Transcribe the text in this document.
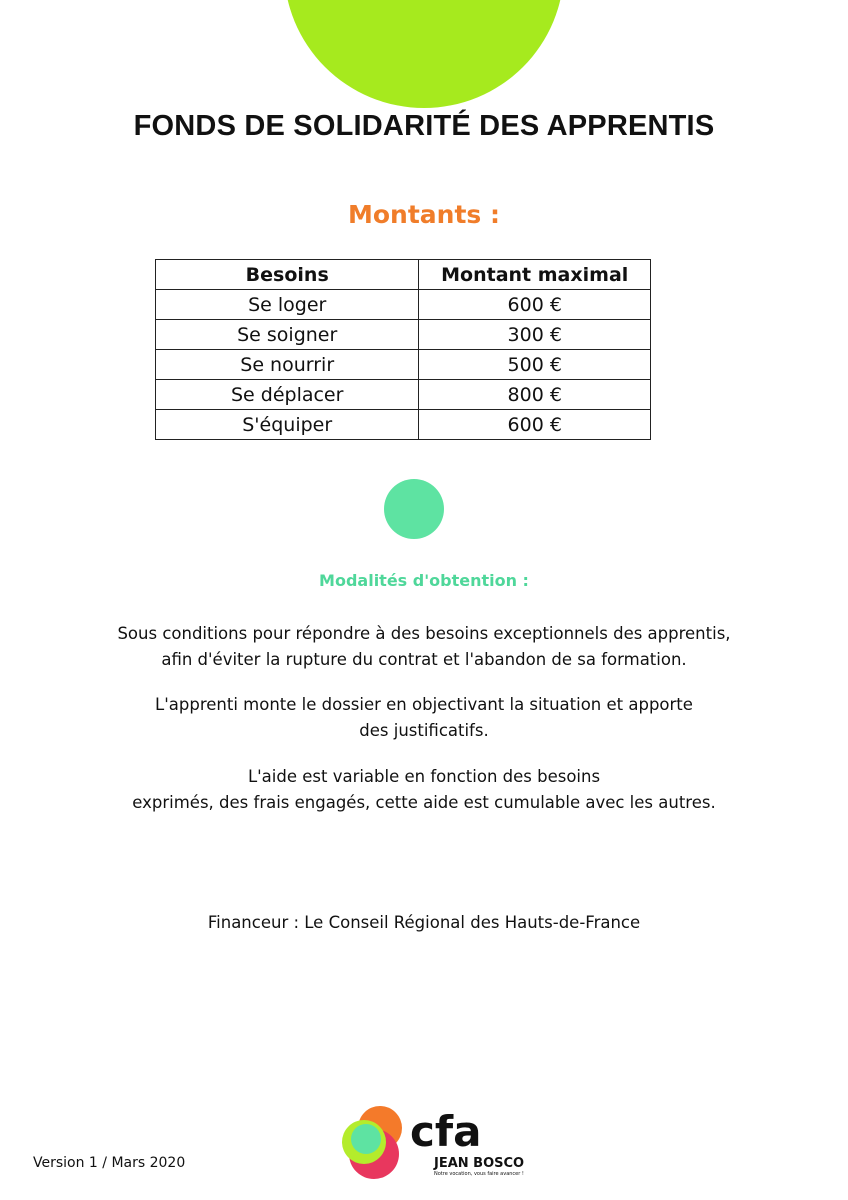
FONDS DE SOLIDARITÉ DES APPRENTIS
Montants :
Besoins	Montant maximal
Se loger	600 €
Se soigner	300 €
Se nourrir	500 €
Se déplacer	800 €
S'équiper	600 €
Modalités d'obtention :

Sous conditions pour répondre à des besoins exceptionnels des apprentis,
afin d'éviter la rupture du contrat et l'abandon de sa formation.

L'apprenti monte le dossier en objectivant la situation et apporte
des justificatifs.

L'aide est variable en fonction des besoins
exprimés, des frais engagés, cette aide est cumulable avec les autres.

Financeur : Le Conseil Régional des Hauts-de-France

Version 1 / Mars 2020

cfa
JEAN BOSCO
Notre vocation, vous faire avancer !
